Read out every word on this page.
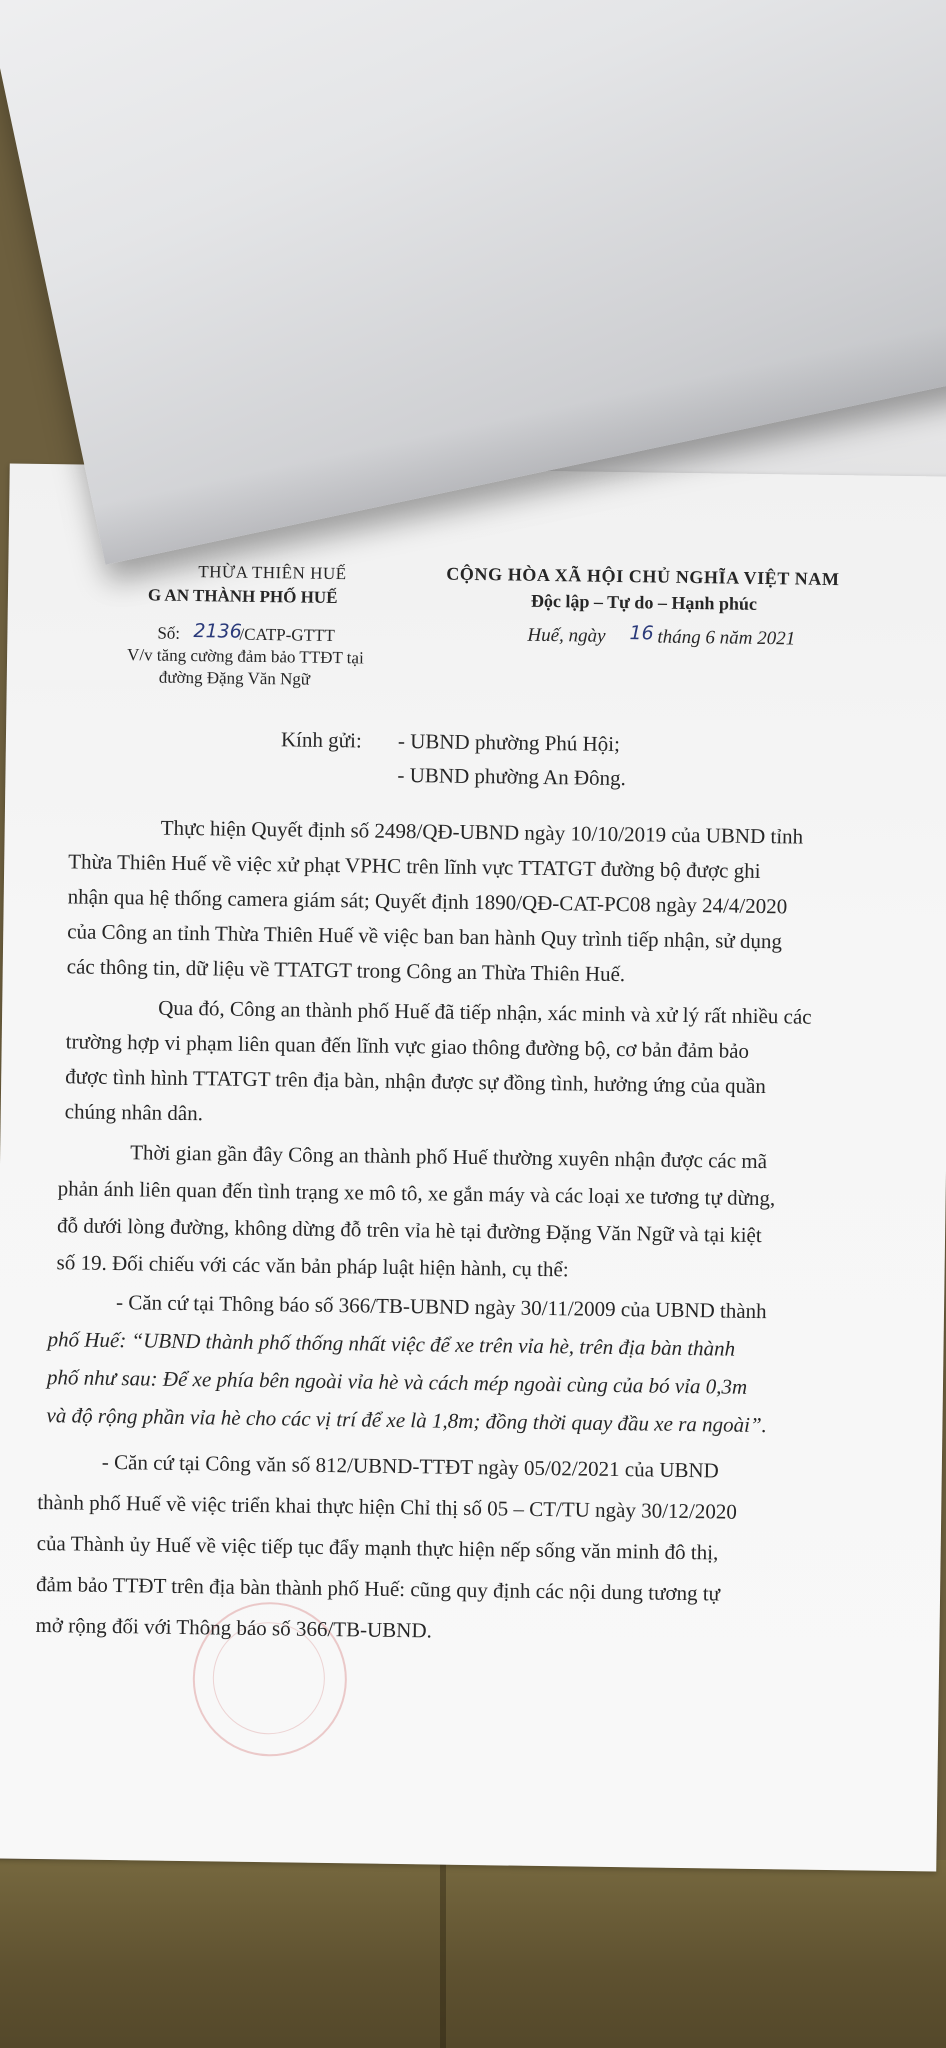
THỪA THIÊN HUẾ
G AN THÀNH PHỐ HUẾ
Số: 2136
/CATP-GTTT
V/v tăng cường đảm bảo TTĐT tại
đường Đặng Văn Ngữ
CỘNG HÒA XÃ HỘI CHỦ NGHĨA VIỆT NAM
Độc lập – Tự do – Hạnh phúc
Huế, ngày 16 tháng 6 năm 2021
Kính gửi: - UBND phường Phú Hội;
- UBND phường An Đông.
Thực hiện Quyết định số 2498/QĐ-UBND ngày 10/10/2019 của UBND tỉnh
Thừa Thiên Huế về việc xử phạt VPHC trên lĩnh vực TTATGT đường bộ được ghi
nhận qua hệ thống camera giám sát; Quyết định 1890/QĐ-CAT-PC08 ngày 24/4/2020
của Công an tỉnh Thừa Thiên Huế về việc ban ban hành Quy trình tiếp nhận, sử dụng
các thông tin, dữ liệu về TTATGT trong Công an Thừa Thiên Huế.
Qua đó, Công an thành phố Huế đã tiếp nhận, xác minh và xử lý rất nhiều các
trường hợp vi phạm liên quan đến lĩnh vực giao thông đường bộ, cơ bản đảm bảo
được tình hình TTATGT trên địa bàn, nhận được sự đồng tình, hưởng ứng của quần
chúng nhân dân.
Thời gian gần đây Công an thành phố Huế thường xuyên nhận được các mã
phản ánh liên quan đến tình trạng xe mô tô, xe gắn máy và các loại xe tương tự dừng,
đỗ dưới lòng đường, không dừng đỗ trên vỉa hè tại đường Đặng Văn Ngữ và tại kiệt
số 19. Đối chiếu với các văn bản pháp luật hiện hành, cụ thể:
- Căn cứ tại Thông báo số 366/TB-UBND ngày 30/11/2009 của UBND thành
phố Huế: “UBND thành phố thống nhất việc để xe trên vỉa hè, trên địa bàn thành
phố như sau: Để xe phía bên ngoài vỉa hè và cách mép ngoài cùng của bó vỉa 0,3m
và độ rộng phần vỉa hè cho các vị trí để xe là 1,8m; đồng thời quay đầu xe ra ngoài”.
- Căn cứ tại Công văn số 812/UBND-TTĐT ngày 05/02/2021 của UBND
thành phố Huế về việc triển khai thực hiện Chỉ thị số 05 – CT/TU ngày 30/12/2020
của Thành ủy Huế về việc tiếp tục đẩy mạnh thực hiện nếp sống văn minh đô thị,
đảm bảo TTĐT trên địa bàn thành phố Huế: cũng quy định các nội dung tương tự
mở rộng đối với Thông báo số 366/TB-UBND.
